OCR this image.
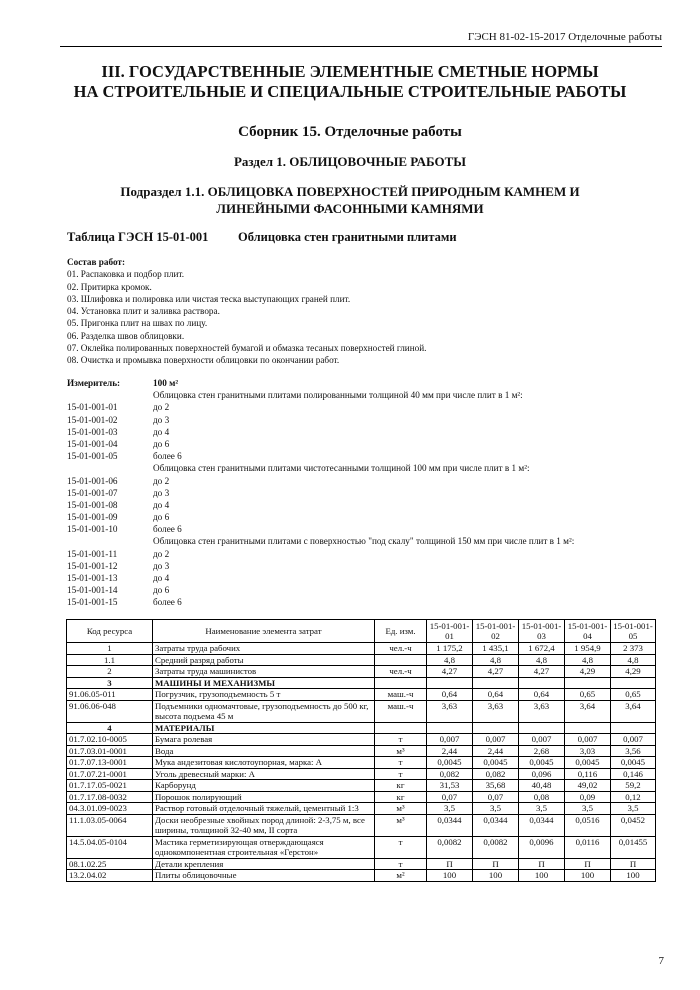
ГЭСН 81-02-15-2017 Отделочные работы
III. ГОСУДАРСТВЕННЫЕ ЭЛЕМЕНТНЫЕ СМЕТНЫЕ НОРМЫ
НА СТРОИТЕЛЬНЫЕ И СПЕЦИАЛЬНЫЕ СТРОИТЕЛЬНЫЕ РАБОТЫ
Сборник 15. Отделочные работы
Раздел 1. ОБЛИЦОВОЧНЫЕ РАБОТЫ
Подраздел 1.1. ОБЛИЦОВКА ПОВЕРХНОСТЕЙ ПРИРОДНЫМ КАМНЕМ И
ЛИНЕЙНЫМИ ФАСОННЫМИ КАМНЯМИ
Таблица ГЭСН 15-01-001 Облицовка стен гранитными плитами
Состав работ:
01. Распаковка и подбор плит.
02. Притирка кромок.
03. Шлифовка и полировка или чистая теска выступающих граней плит.
04. Установка плит и заливка раствора.
05. Пригонка плит на швах по лицу.
06. Разделка швов облицовки.
07. Оклейка полированных поверхностей бумагой и обмазка тесаных поверхностей глиной.
08. Очистка и промывка поверхности облицовки по окончании работ.
Измеритель:	100 м²
Облицовка стен гранитными плитами полированными толщиной 40 мм при числе плит в 1 м²:
15-01-001-01	до 2
15-01-001-02	до 3
15-01-001-03	до 4
15-01-001-04	до 6
15-01-001-05	более 6
Облицовка стен гранитными плитами чистотесанными толщиной 100 мм при числе плит в 1 м²:
15-01-001-06	до 2
15-01-001-07	до 3
15-01-001-08	до 4
15-01-001-09	до 6
15-01-001-10	более 6
Облицовка стен гранитными плитами с поверхностью "под скалу" толщиной 150 мм при числе плит в 1 м²:
15-01-001-11	до 2
15-01-001-12	до 3
15-01-001-13	до 4
15-01-001-14	до 6
15-01-001-15	более 6
Код ресурса	Наименование элемента затрат	Ед. изм.	15-01-001-01	15-01-001-02	15-01-001-03	15-01-001-04	15-01-001-05
1	Затраты труда рабочих	чел.-ч	1 175,2	1 435,1	1 672,4	1 954,9	2 373
1.1	Средний разряд работы		4,8	4,8	4,8	4,8	4,8
2	Затраты труда машинистов	чел.-ч	4,27	4,27	4,27	4,29	4,29
3	МАШИНЫ И МЕХАНИЗМЫ						
91.06.05-011	Погрузчик, грузоподъемность 5 т	маш.-ч	0,64	0,64	0,64	0,65	0,65
91.06.06-048	Подъемники одномачтовые, грузоподъемность до 500 кг, высота подъема 45 м	маш.-ч	3,63	3,63	3,63	3,64	3,64
4	МАТЕРИАЛЫ						
01.7.02.10-0005	Бумага ролевая	т	0,007	0,007	0,007	0,007	0,007
01.7.03.01-0001	Вода	м³	2,44	2,44	2,68	3,03	3,56
01.7.07.13-0001	Мука андезитовая кислотоупорная, марка: А	т	0,0045	0,0045	0,0045	0,0045	0,0045
01.7.07.21-0001	Уголь древесный марки: А	т	0,082	0,082	0,096	0,116	0,146
01.7.17.05-0021	Карборунд	кг	31,53	35,68	40,48	49,02	59,2
01.7.17.08-0032	Порошок полирующий	кг	0,07	0,07	0,08	0,09	0,12
04.3.01.09-0023	Раствор готовый отделочный тяжелый, цементный 1:3	м³	3,5	3,5	3,5	3,5	3,5
11.1.03.05-0064	Доски необрезные хвойных пород длиной: 2-3,75 м, все ширины, толщиной 32-40 мм, II сорта	м³	0,0344	0,0344	0,0344	0,0516	0,0452
14.5.04.05-0104	Мастика герметизирующая отверждающаяся однокомпонентная строительная «Герстон»	т	0,0082	0,0082	0,0096	0,0116	0,01455
08.1.02.25	Детали крепления	т	П	П	П	П	П
13.2.04.02	Плиты облицовочные	м²	100	100	100	100	100
7
